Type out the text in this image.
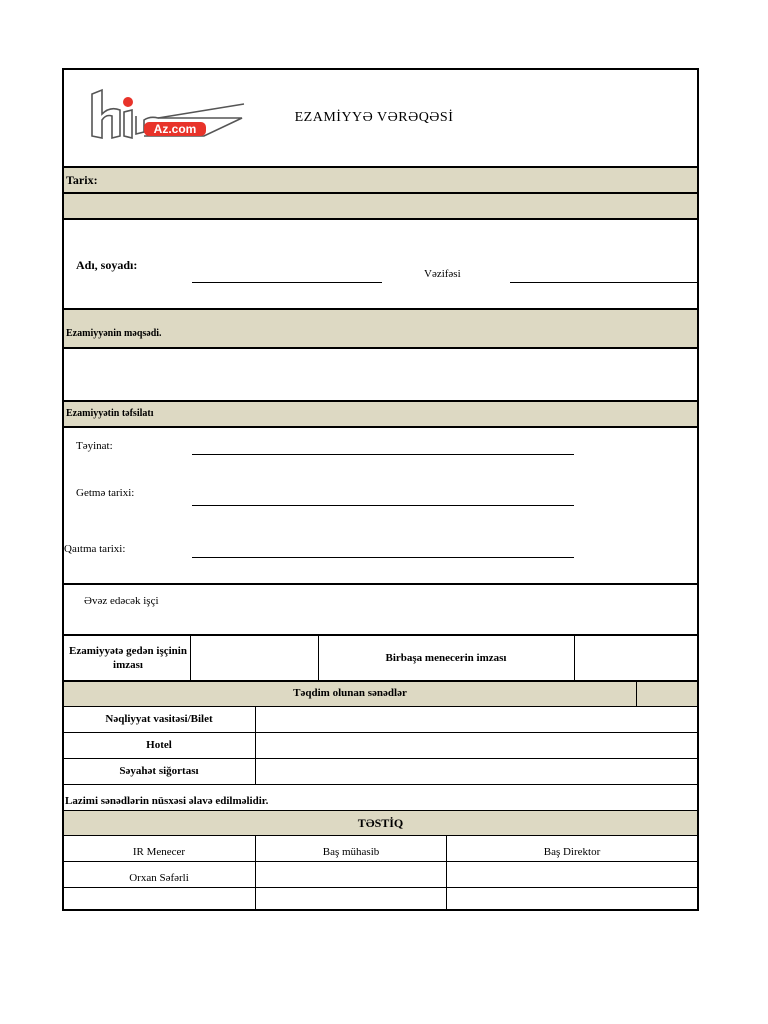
Az.com
EZAMİYYƏ VƏRƏQƏSİ
Tarix:
Adı, soyadı:
Vəzifəsi
Ezamiyyənin məqsədi.
Ezamiyyətin təfsilatı
Təyinat:
Getmə tarixi:
Qaıtma tarixi:
Əvəz edəcək işçi
Ezamiyyətə gedən işçinin imzası
Birbaşa menecerin imzası
Təqdim olunan sənədlər
Nəqliyyat vasitəsi/Bilet
Hotel
Səyahət siğortası
Lazimi sənədlərin nüsxəsi əlavə edilməlidir.
TƏSTİQ
IR Menecer	Baş mühasib	Baş Direktor
Orxan Səfərli
